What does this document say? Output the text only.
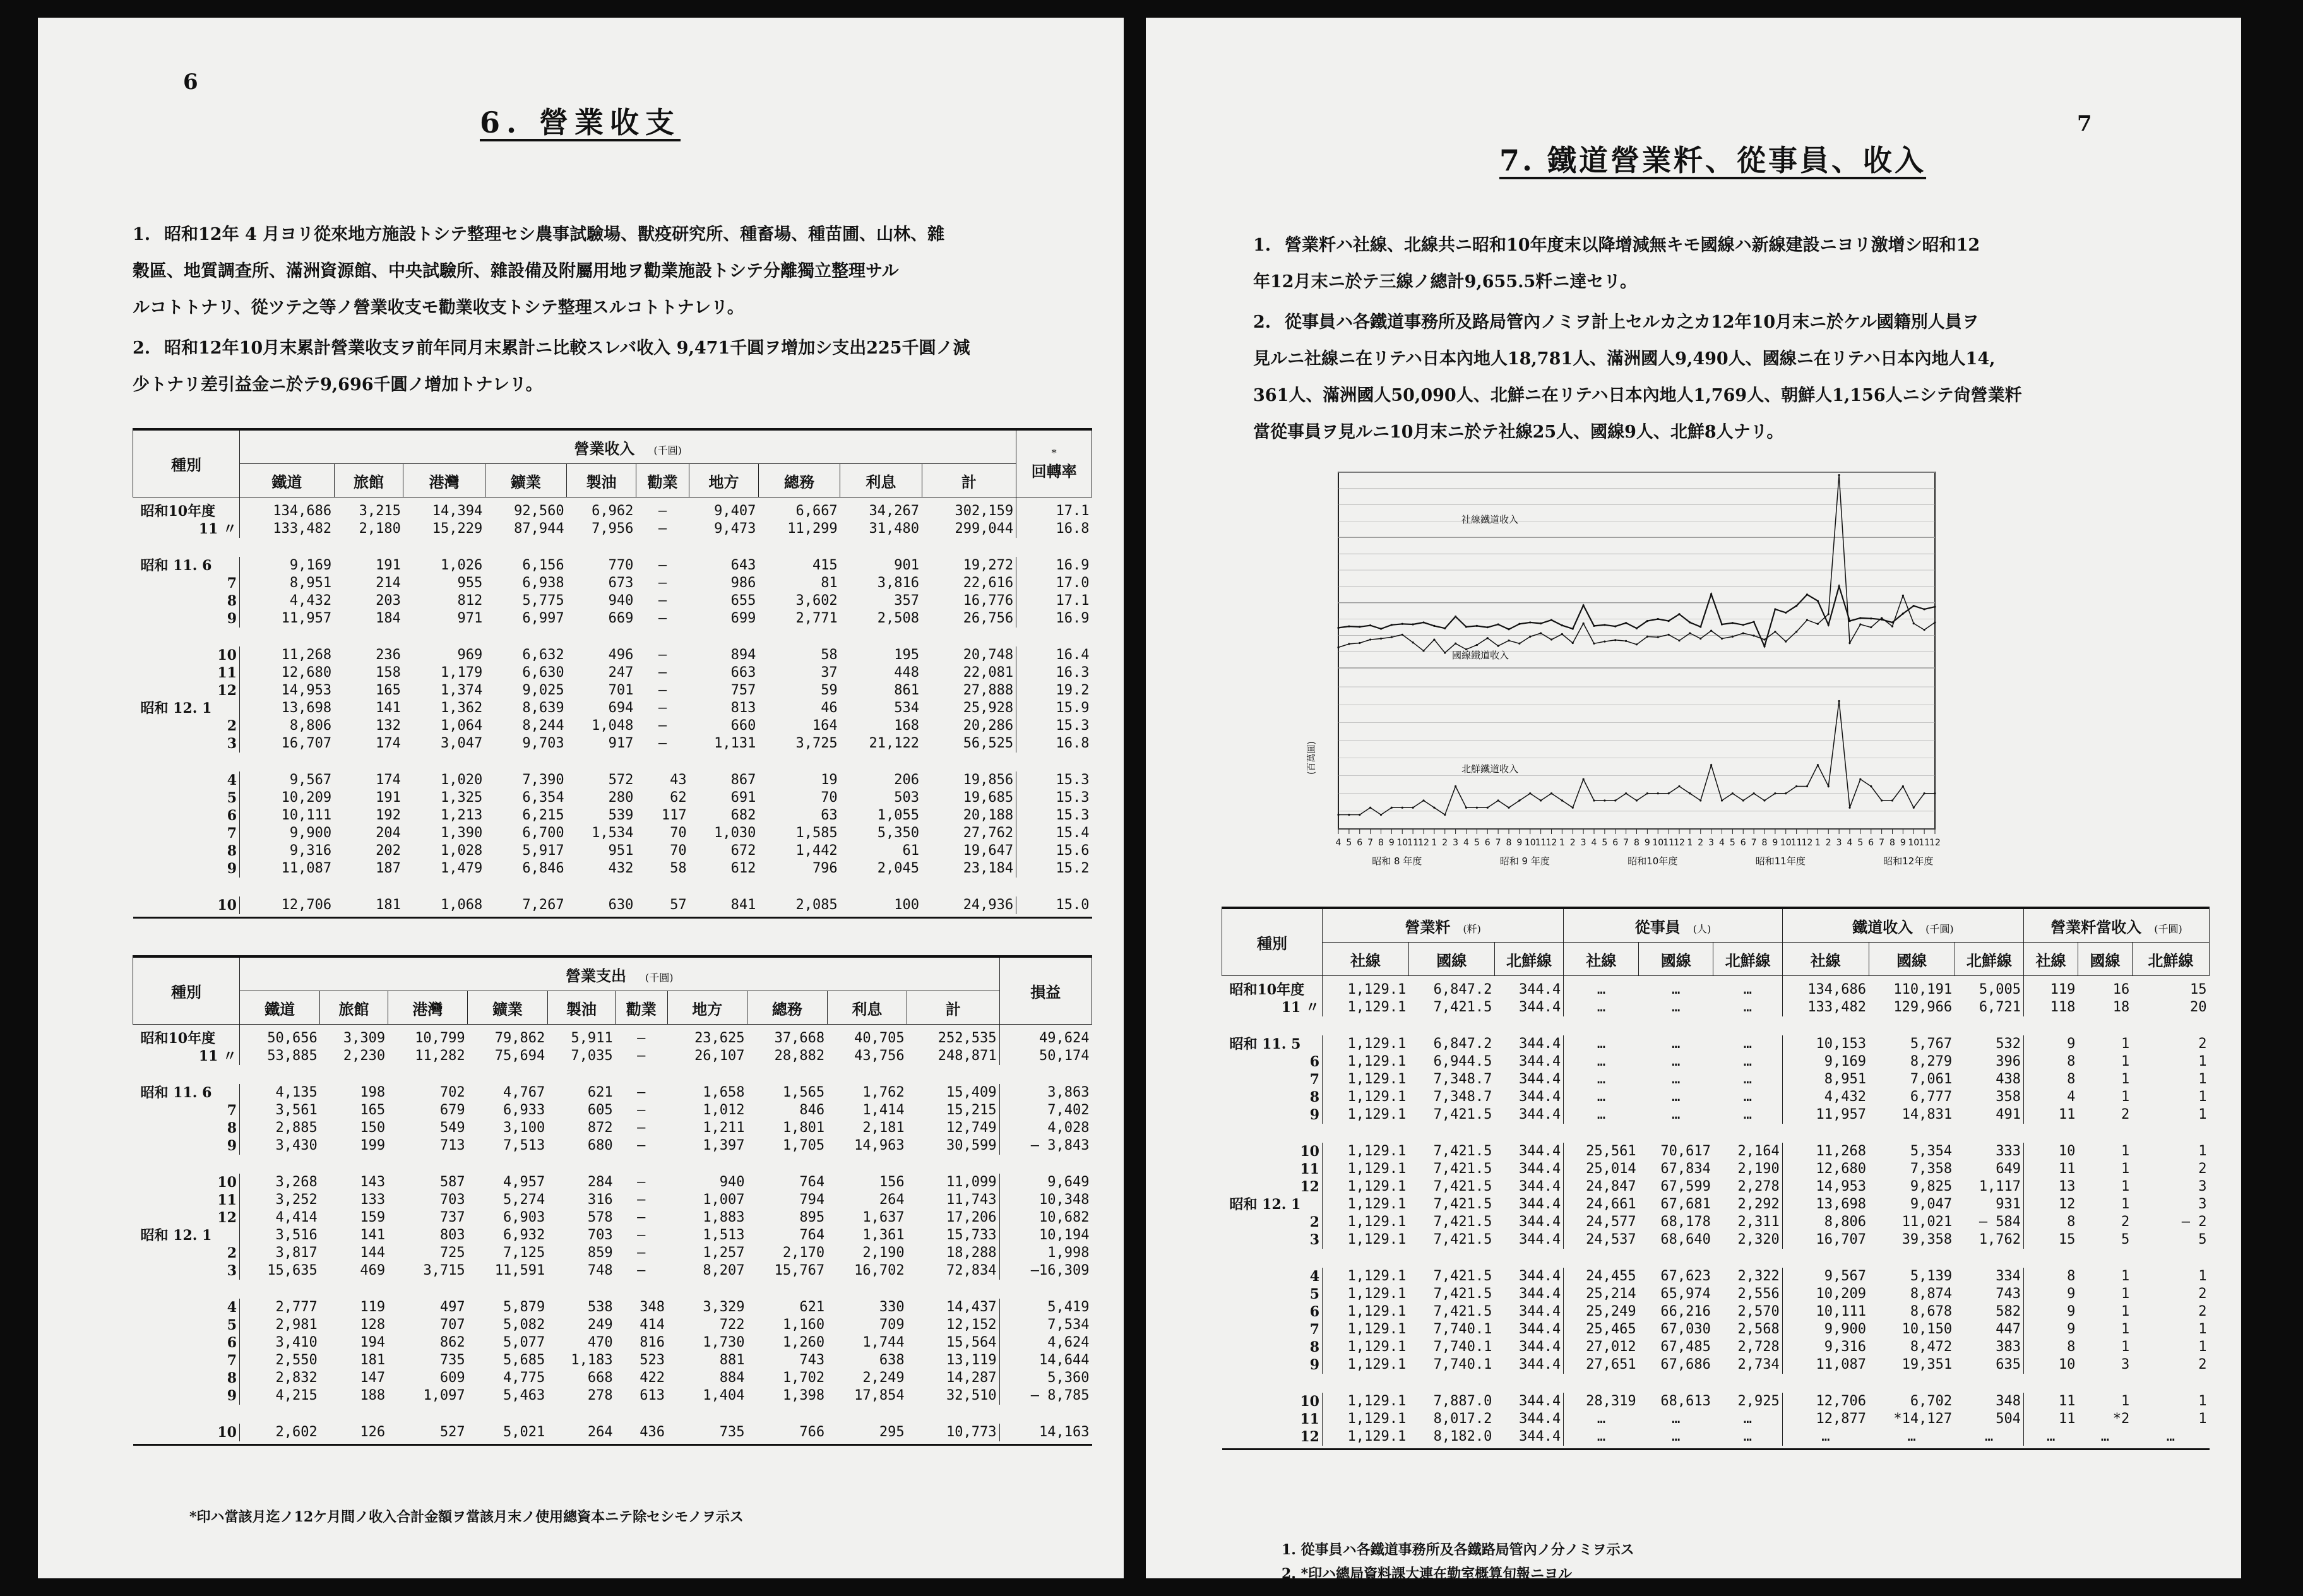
6
6. 營業收支
1. 昭和12年 4 月ヨリ從來地方施設トシテ整理セシ農事試驗場、獸疫研究所、種畜場、種苗圃、山林、雜
穀區、地質調查所、滿洲資源館、中央試驗所、雜設備及附屬用地ヲ勸業施設トシテ分離獨立整理サル
ルコトトナリ、從ツテ之等ノ營業收支モ勸業收支トシテ整理スルコトトナレリ。
2. 昭和12年10月末累計營業收支ヲ前年同月末累計ニ比較スレバ收入 9,471千圓ヲ增加シ支出225千圓ノ減
少トナリ差引益金ニ於テ9,696千圓ノ增加トナレリ。
種別	營業收入 (千圓)										*
回轉率
	鐵道	旅館	港灣	鑛業	製油	勸業	地方	總務	利息	計	
昭和10年度	134,686	3,215	14,394	92,560	6,962	—	9,407	6,667	34,267	302,159	17.1
11 〃	133,482	2,180	15,229	87,944	7,956	—	9,473	11,299	31,480	299,044	16.8

昭和 11. 6	9,169	191	1,026	6,156	770	—	643	415	901	19,272	16.9
7	8,951	214	955	6,938	673	—	986	81	3,816	22,616	17.0
8	4,432	203	812	5,775	940	—	655	3,602	357	16,776	17.1
9	11,957	184	971	6,997	669	—	699	2,771	2,508	26,756	16.9

10	11,268	236	969	6,632	496	—	894	58	195	20,748	16.4
11	12,680	158	1,179	6,630	247	—	663	37	448	22,081	16.3
12	14,953	165	1,374	9,025	701	—	757	59	861	27,888	19.2
昭和 12. 1	13,698	141	1,362	8,639	694	—	813	46	534	25,928	15.9
2	8,806	132	1,064	8,244	1,048	—	660	164	168	20,286	15.3
3	16,707	174	3,047	9,703	917	—	1,131	3,725	21,122	56,525	16.8

4	9,567	174	1,020	7,390	572	43	867	19	206	19,856	15.3
5	10,209	191	1,325	6,354	280	62	691	70	503	19,685	15.3
6	10,111	192	1,213	6,215	539	117	682	63	1,055	20,188	15.3
7	9,900	204	1,390	6,700	1,534	70	1,030	1,585	5,350	27,762	15.4
8	9,316	202	1,028	5,917	951	70	672	1,442	61	19,647	15.6
9	11,087	187	1,479	6,846	432	58	612	796	2,045	23,184	15.2

10	12,706	181	1,068	7,267	630	57	841	2,085	100	24,936	15.0

種別	營業支出 (千圓)										損益
	鐵道	旅館	港灣	鑛業	製油	勸業	地方	總務	利息	計	
昭和10年度	50,656	3,309	10,799	79,862	5,911	—	23,625	37,668	40,705	252,535	49,624
11 〃	53,885	2,230	11,282	75,694	7,035	—	26,107	28,882	43,756	248,871	50,174

昭和 11. 6	4,135	198	702	4,767	621	—	1,658	1,565	1,762	15,409	3,863
7	3,561	165	679	6,933	605	—	1,012	846	1,414	15,215	7,402
8	2,885	150	549	3,100	872	—	1,211	1,801	2,181	12,749	4,028
9	3,430	199	713	7,513	680	—	1,397	1,705	14,963	30,599	— 3,843

10	3,268	143	587	4,957	284	—	940	764	156	11,099	9,649
11	3,252	133	703	5,274	316	—	1,007	794	264	11,743	10,348
12	4,414	159	737	6,903	578	—	1,883	895	1,637	17,206	10,682
昭和 12. 1	3,516	141	803	6,932	703	—	1,513	764	1,361	15,733	10,194
2	3,817	144	725	7,125	859	—	1,257	2,170	2,190	18,288	1,998
3	15,635	469	3,715	11,591	748	—	8,207	15,767	16,702	72,834	—16,309

4	2,777	119	497	5,879	538	348	3,329	621	330	14,437	5,419
5	2,981	128	707	5,082	249	414	722	1,160	709	12,152	7,534
6	3,410	194	862	5,077	470	816	1,730	1,260	1,744	15,564	4,624
7	2,550	181	735	5,685	1,183	523	881	743	638	13,119	14,644
8	2,832	147	609	4,775	668	422	884	1,702	2,249	14,287	5,360
9	4,215	188	1,097	5,463	278	613	1,404	1,398	17,854	32,510	— 8,785

10	2,602	126	527	5,021	264	436	735	766	295	10,773	14,163

*印ハ當該月迄ノ12ケ月間ノ收入合計金額ヲ當該月末ノ使用總資本ニテ除セシモノヲ示ス
7
7. 鐵道營業粁、從事員、收入
1. 營業粁ハ社線、北線共ニ昭和10年度末以降增減無キモ國線ハ新線建設ニヨリ激增シ昭和12
年12月末ニ於テ三線ノ總計9,655.5粁ニ達セリ。
2. 從事員ハ各鐵道事務所及路局管內ノミヲ計上セルカ之カ12年10月末ニ於ケル國籍別人員ヲ
見ルニ社線ニ在リテハ日本內地人18,781人、滿洲國人9,490人、國線ニ在リテハ日本內地人14,
361人、滿洲國人50,090人、北鮮ニ在リテハ日本內地人1,769人、朝鮮人1,156人ニシテ尙營業粁
當從事員ヲ見ルニ10月末ニ於テ社線25人、國線9人、北鮮8人ナリ。
4 5 6 7 8 9 10 11 12 1 2 3 4 5 6 7 8 9 10 11 12 1 2 3 4 5 6 7 8 9 10 11 12 1 2 3 4 5 6 7 8 9 10 11 12 1 2 3 4 5 6 7 8 9 10 11 12
昭和 8 年度	昭和 9 年度	昭和10年度	昭和11年度	昭和12年度
(百萬圓)
社線鐵道收入
國線鐵道收入
北鮮鐵道收入
種別	營業粁 (粁)			從事員 (人)			鐵道收入 (千圓)			營業粁當收入 (千圓)		
	社線	國線	北鮮線	社線	國線	北鮮線	社線	國線	北鮮線	社線	國線	北鮮線
昭和10年度	1,129.1	6,847.2	344.4	…	…	…	134,686	110,191	5,005	119	16	15
11 〃	1,129.1	7,421.5	344.4	…	…	…	133,482	129,966	6,721	118	18	20

昭和 11. 5	1,129.1	6,847.2	344.4	…	…	…	10,153	5,767	532	9	1	2
6	1,129.1	6,944.5	344.4	…	…	…	9,169	8,279	396	8	1	1
7	1,129.1	7,348.7	344.4	…	…	…	8,951	7,061	438	8	1	1
8	1,129.1	7,348.7	344.4	…	…	…	4,432	6,777	358	4	1	1
9	1,129.1	7,421.5	344.4	…	…	…	11,957	14,831	491	11	2	1

10	1,129.1	7,421.5	344.4	25,561	70,617	2,164	11,268	5,354	333	10	1	1
11	1,129.1	7,421.5	344.4	25,014	67,834	2,190	12,680	7,358	649	11	1	2
12	1,129.1	7,421.5	344.4	24,847	67,599	2,278	14,953	9,825	1,117	13	1	3
昭和 12. 1	1,129.1	7,421.5	344.4	24,661	67,681	2,292	13,698	9,047	931	12	1	3
2	1,129.1	7,421.5	344.4	24,577	68,178	2,311	8,806	11,021	— 584	8	2	— 2
3	1,129.1	7,421.5	344.4	24,537	68,640	2,320	16,707	39,358	1,762	15	5	5

4	1,129.1	7,421.5	344.4	24,455	67,623	2,322	9,567	5,139	334	8	1	1
5	1,129.1	7,421.5	344.4	25,214	65,974	2,556	10,209	8,874	743	9	1	2
6	1,129.1	7,421.5	344.4	25,249	66,216	2,570	10,111	8,678	582	9	1	2
7	1,129.1	7,740.1	344.4	25,465	67,030	2,568	9,900	10,150	447	9	1	1
8	1,129.1	7,740.1	344.4	27,012	67,485	2,728	9,316	8,472	383	8	1	1
9	1,129.1	7,740.1	344.4	27,651	67,686	2,734	11,087	19,351	635	10	3	2

10	1,129.1	7,887.0	344.4	28,319	68,613	2,925	12,706	6,702	348	11	1	1
11	1,129.1	8,017.2	344.4	…	…	…	12,877	*14,127	504	11	*2	1
12	1,129.1	8,182.0	344.4	…	…	…	…	…	…	…	…	…

1. 從事員ハ各鐵道事務所及各鐵路局管內ノ分ノミヲ示ス
2. *印ハ總局資料課大連在勤室概算旬報ニヨル
